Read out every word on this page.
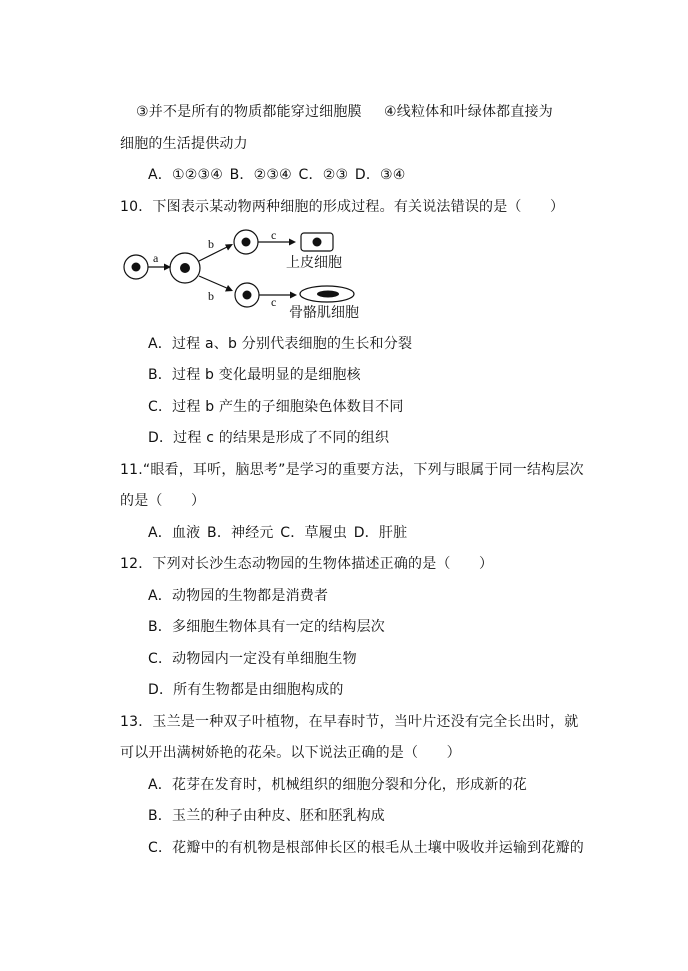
③并不是所有的物质都能穿过细胞膜 ④线粒体和叶绿体都直接为
细胞的生活提供动力
A．①②③④ B．②③④ C．②③ D．③④
10．下图表示某动物两种细胞的形成过程。有关说法错误的是（　　）
a
b
b
c
c
上皮细胞
骨骼肌细胞
A．过程 a、b 分别代表细胞的生长和分裂
B．过程 b 变化最明显的是细胞核
C．过程 b 产生的子细胞染色体数目不同
D．过程 c 的结果是形成了不同的组织
11.“眼看，耳听，脑思考”是学习的重要方法，下列与眼属于同一结构层次
的是（　　）
A．血液 B．神经元 C．草履虫 D．肝脏
12．下列对长沙生态动物园的生物体描述正确的是（　　）
A．动物园的生物都是消费者
B．多细胞生物体具有一定的结构层次
C．动物园内一定没有单细胞生物
D．所有生物都是由细胞构成的
13．玉兰是一种双子叶植物，在早春时节，当叶片还没有完全长出时，就
可以开出满树娇艳的花朵。以下说法正确的是（　　）
A．花芽在发育时，机械组织的细胞分裂和分化，形成新的花
B．玉兰的种子由种皮、胚和胚乳构成
C．花瓣中的有机物是根部伸长区的根毛从土壤中吸收并运输到花瓣的
